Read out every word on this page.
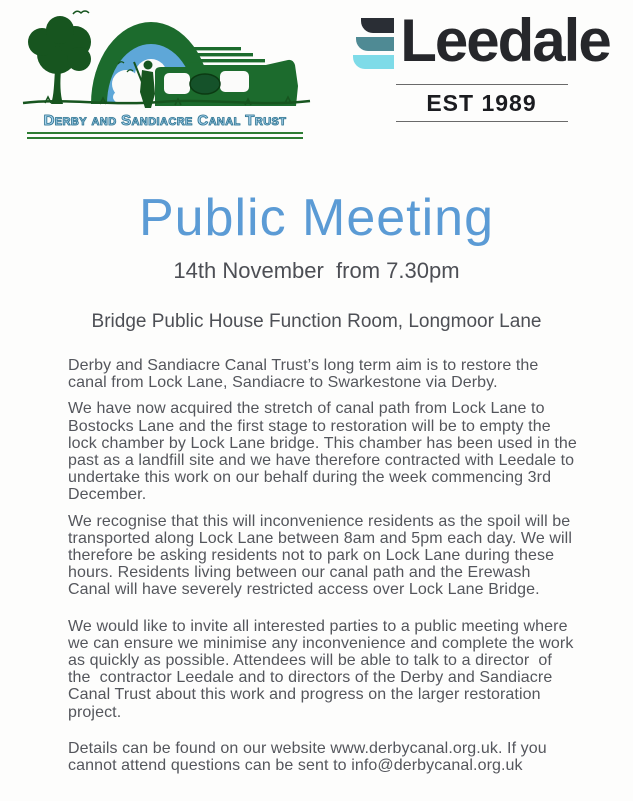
Derby and Sandiacre Canal Trust
Leedale
EST 1989
Public Meeting
14th November  from 7.30pm
Bridge Public House Function Room, Longmoor Lane

Derby and Sandiacre Canal Trust’s long term aim is to restore the canal from Lock Lane, Sandiacre to Swarkestone via Derby.

We have now acquired the stretch of canal path from Lock Lane to Bostocks Lane and the first stage to restoration will be to empty the lock chamber by Lock Lane bridge. This chamber has been used in the past as a landfill site and we have therefore contracted with Leedale to undertake this work on our behalf during the week commencing 3rd December.

We recognise that this will inconvenience residents as the spoil will be transported along Lock Lane between 8am and 5pm each day. We will therefore be asking residents not to park on Lock Lane during these hours. Residents living between our canal path and the Erewash Canal will have severely restricted access over Lock Lane Bridge.

We would like to invite all interested parties to a public meeting where we can ensure we minimise any inconvenience and complete the work as quickly as possible. Attendees will be able to talk to a director  of the  contractor Leedale and to directors of the Derby and Sandiacre Canal Trust about this work and progress on the larger restoration project.

Details can be found on our website www.derbycanal.org.uk. If you cannot attend questions can be sent to info@derbycanal.org.uk
